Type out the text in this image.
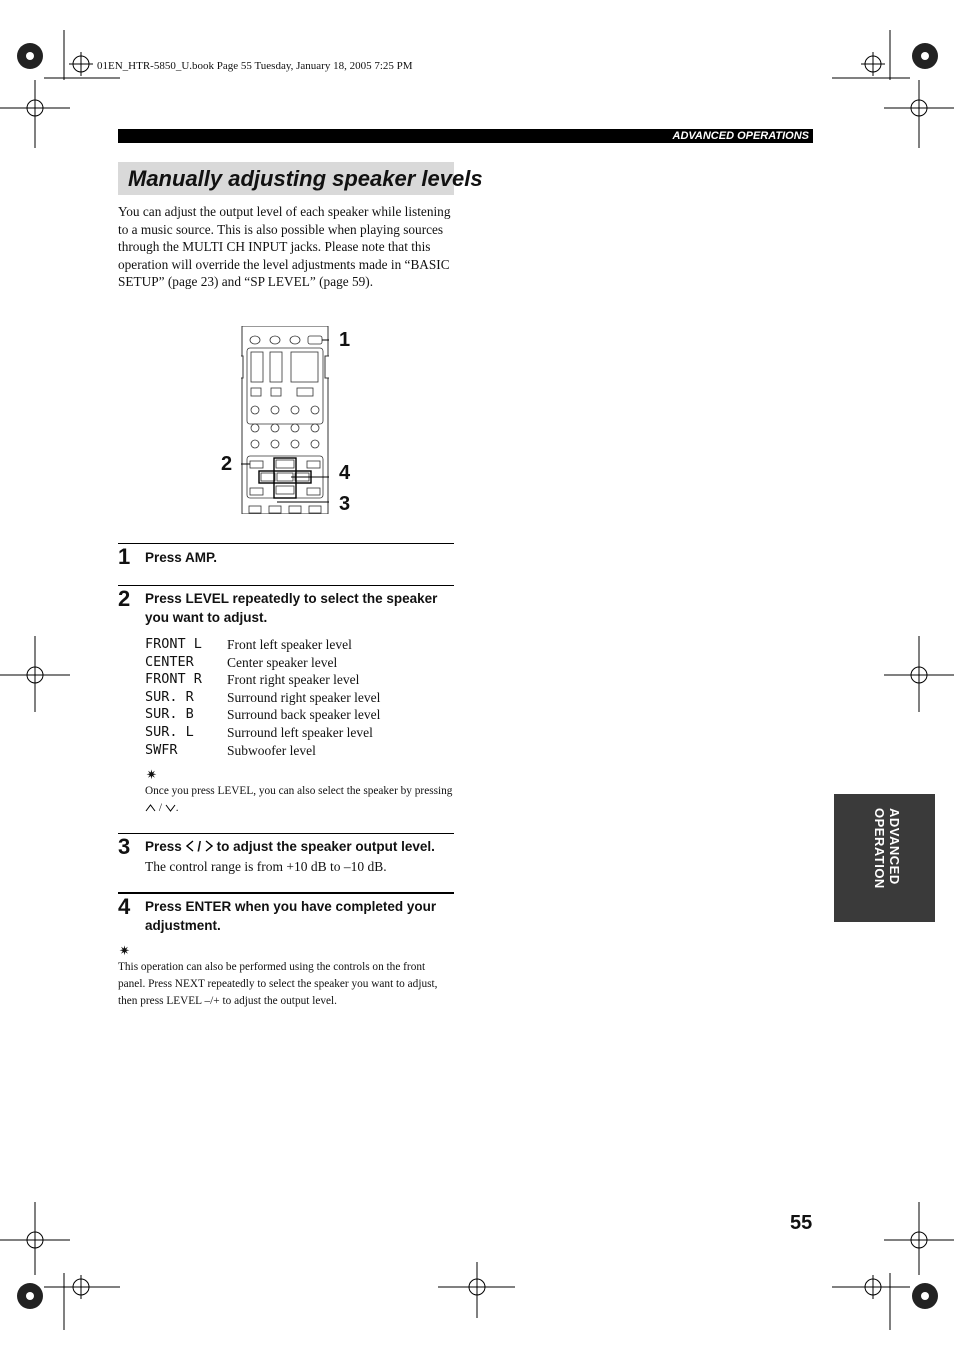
01EN_HTR-5850_U.book Page 55 Tuesday, January 18, 2005 7:25 PM
ADVANCED OPERATIONS
Manually adjusting speaker levels
You can adjust the output level of each speaker while listening to a music source. This is also possible when playing sources through the MULTI CH INPUT jacks. Please note that this operation will override the level adjustments made in “BASIC SETUP” (page 23) and “SP LEVEL” (page 59).
1
2	4
3
1 Press AMP.
2 Press LEVEL repeatedly to select the speaker you want to adjust.
FRONT L	Front left speaker level
CENTER	Center speaker level
FRONT R	Front right speaker level
SUR. R	Surround right speaker level
SUR. B	Surround back speaker level
SUR. L	Surround left speaker level
SWFR	Subwoofer level
✷
Once you press LEVEL, you can also select the speaker by pressing  / .
3 Press  /  to adjust the speaker output level.
The control range is from +10 dB to –10 dB.
4 Press ENTER when you have completed your adjustment.
✷
This operation can also be performed using the controls on the front panel. Press NEXT repeatedly to select the speaker you want to adjust, then press LEVEL –/+ to adjust the output level.
ADVANCED
OPERATION
55
